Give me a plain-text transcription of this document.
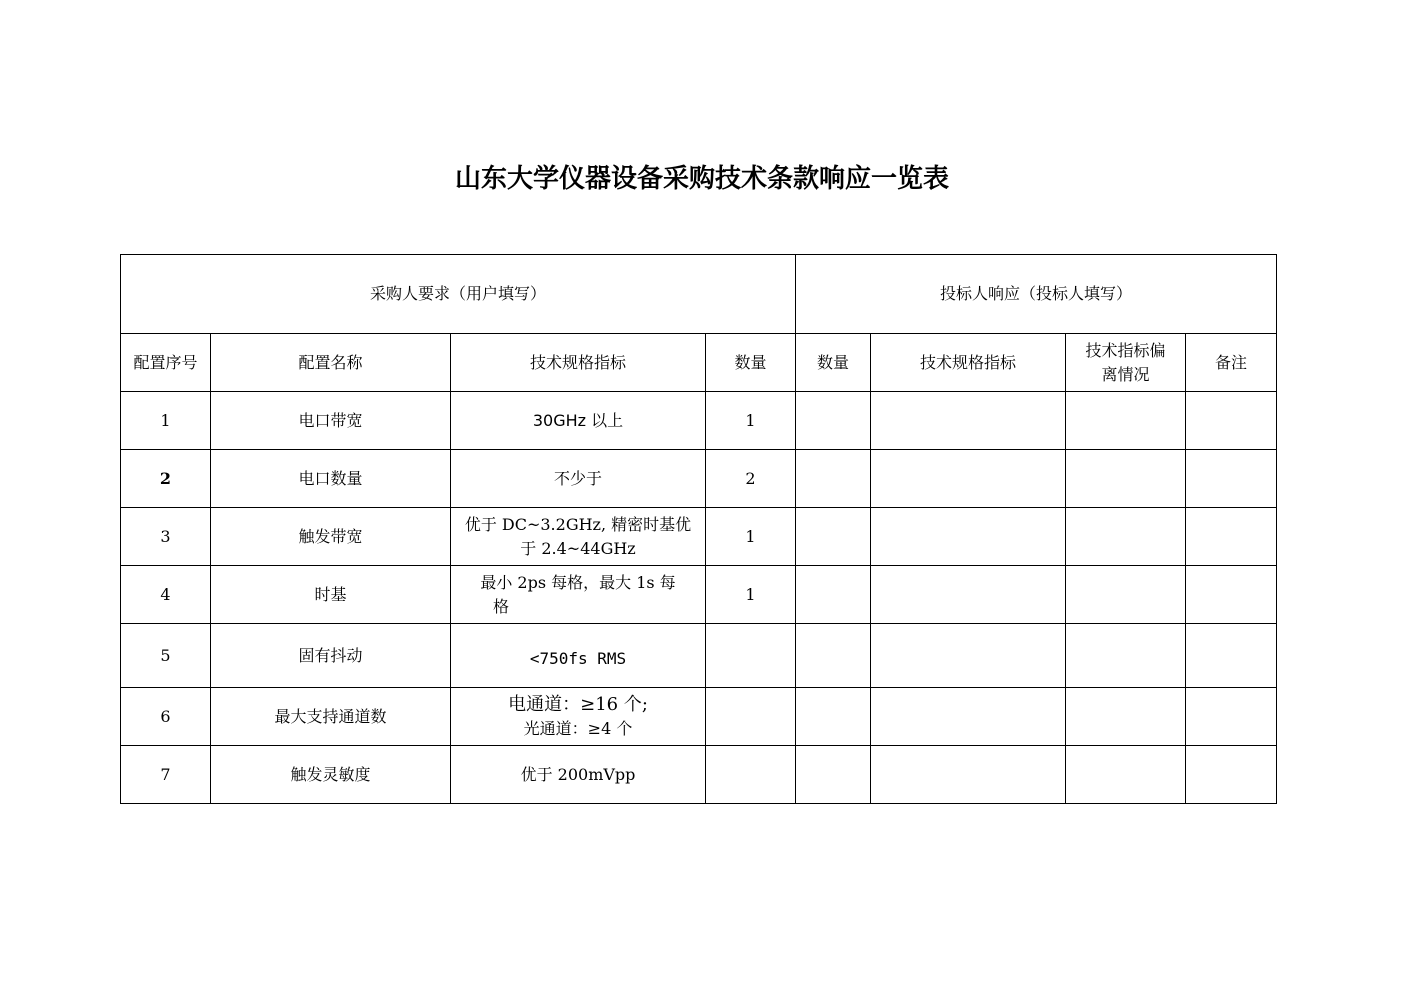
山东大学仪器设备采购技术条款响应一览表
采购人要求（用户填写）				投标人响应（投标人填写）			
配置序号	配置名称	技术规格指标	数量	数量	技术规格指标	技术指标偏
离情况	备注
1	电口带宽	30GHz 以上	1				
2	电口数量	不少于	2				
3	触发带宽	优于 DC~3.2GHz, 精密时基优
于 2.4~44GHz	1				
4	时基	最小 2ps 每格，最大 1s 每
格	1				
5	固有抖动	<750fs RMS					
6	最大支持通道数	电通道：≥16 个;
光通道：≥4 个					

7	触发灵敏度	优于 200mVpp					
